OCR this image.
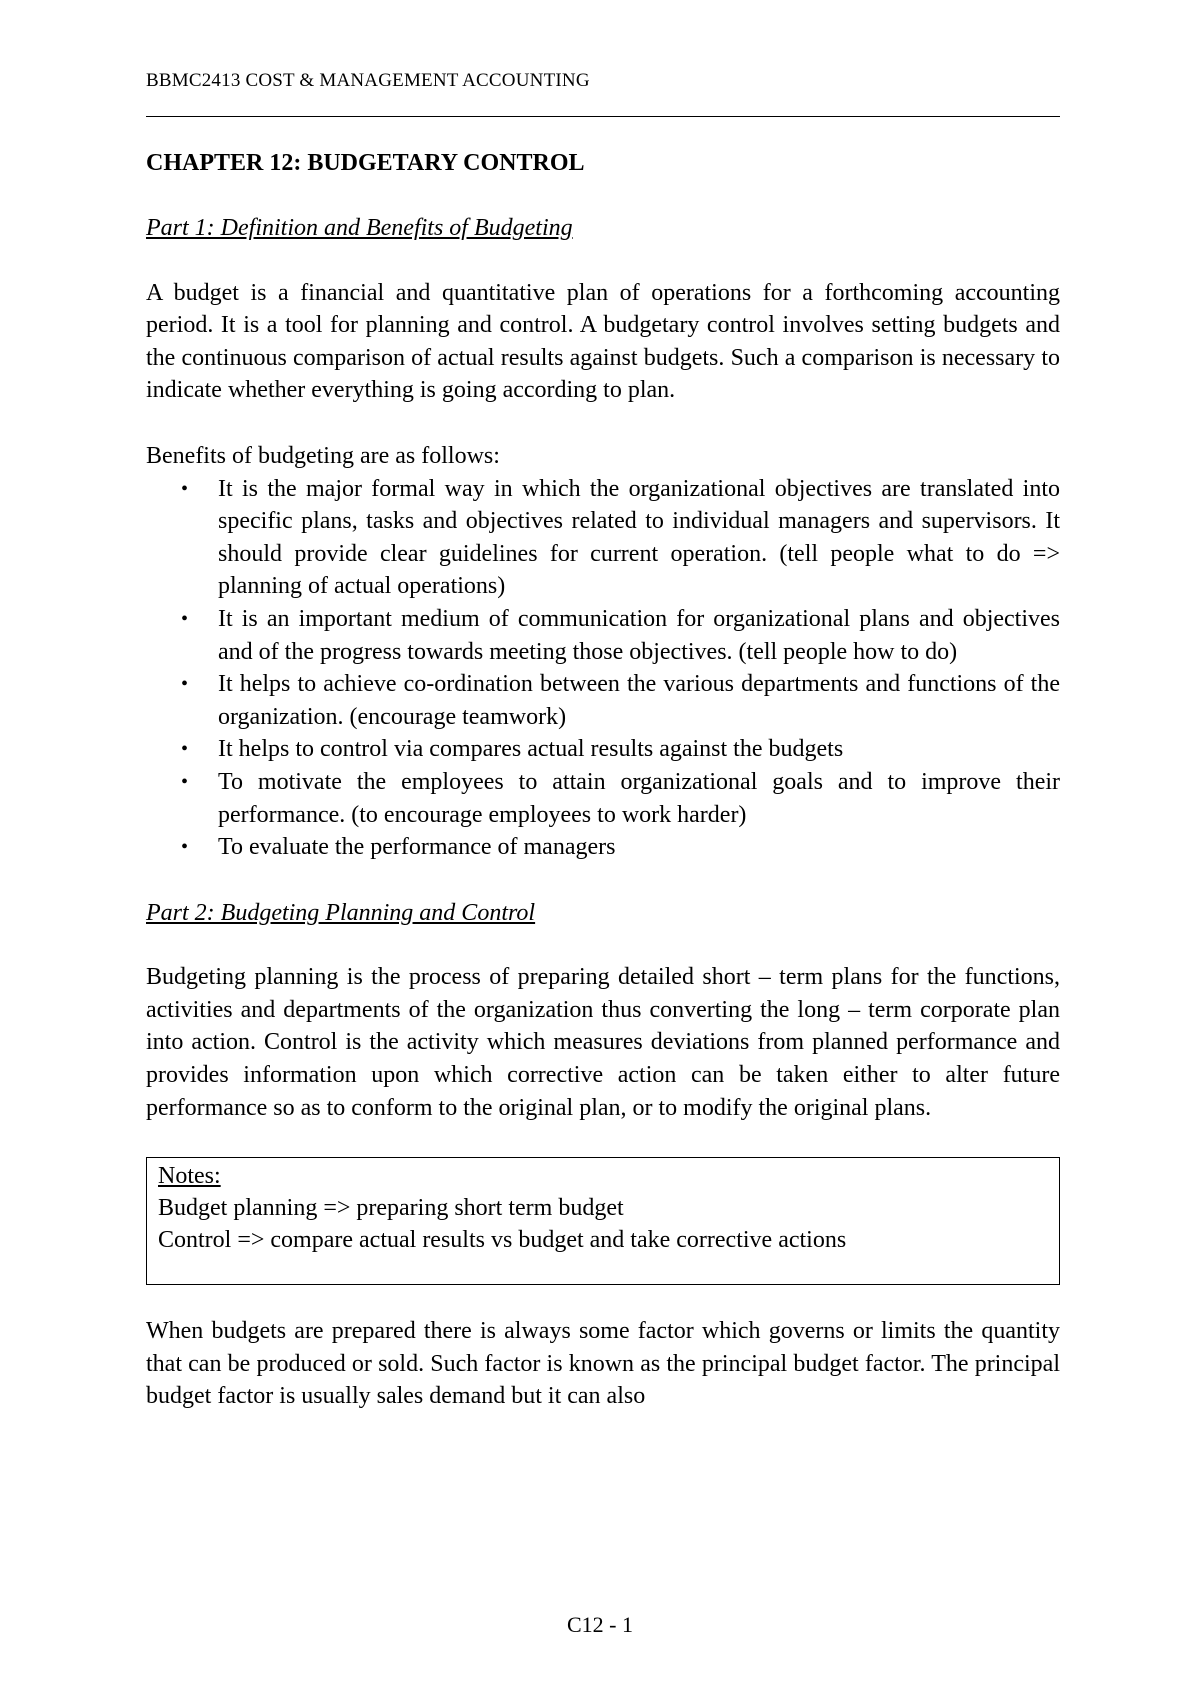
BBMC2413 COST & MANAGEMENT ACCOUNTING
CHAPTER 12: BUDGETARY CONTROL
Part 1: Definition and Benefits of Budgeting

A budget is a financial and quantitative plan of operations for a forthcoming accounting period. It is a tool for planning and control. A budgetary control involves setting budgets and the continuous comparison of actual results against budgets. Such a comparison is necessary to indicate whether everything is going according to plan.

Benefits of budgeting are as follows:
• It is the major formal way in which the organizational objectives are translated into specific plans, tasks and objectives related to individual managers and supervisors. It should provide clear guidelines for current operation. (tell people what to do => planning of actual operations)
• It is an important medium of communication for organizational plans and objectives and of the progress towards meeting those objectives. (tell people how to do)
• It helps to achieve co-ordination between the various departments and functions of the organization. (encourage teamwork)
• It helps to control via compares actual results against the budgets
• To motivate the employees to attain organizational goals and to improve their performance. (to encourage employees to work harder)
• To evaluate the performance of managers
Part 2: Budgeting Planning and Control

Budgeting planning is the process of preparing detailed short – term plans for the functions, activities and departments of the organization thus converting the long – term corporate plan into action. Control is the activity which measures deviations from planned performance and provides information upon which corrective action can be taken either to alter future performance so as to conform to the original plan, or to modify the original plans.

Notes:
Budget planning => preparing short term budget
Control => compare actual results vs budget and take corrective actions

When budgets are prepared there is always some factor which governs or limits the quantity that can be produced or sold. Such factor is known as the principal budget factor. The principal budget factor is usually sales demand but it can also

C12 - 1
